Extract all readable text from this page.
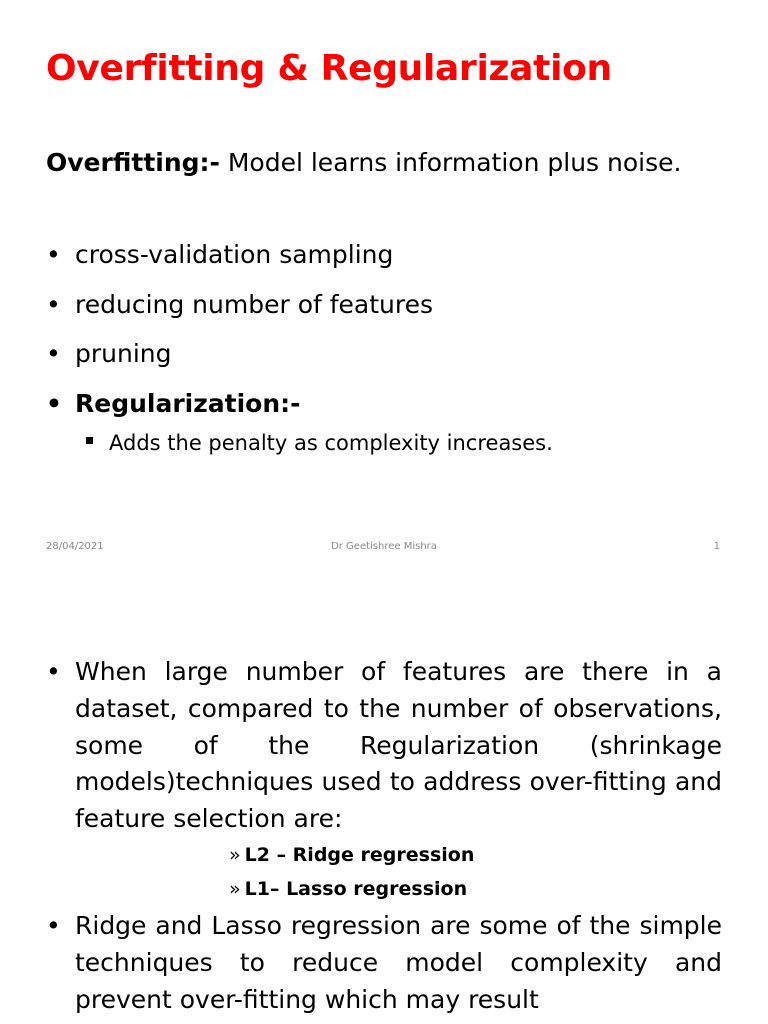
Overfitting & Regularization

Overfitting:- Model learns information plus noise.

• cross-validation sampling
• reducing number of features
• pruning
• Regularization:-
Adds the penalty as complexity increases.
28/04/2021	Dr Geetishree Mishra	1
• When large number of features are there in a dataset, compared to the number of observations, some of the Regularization (shrinkage models)techniques used to address over-fitting and feature selection are:
» L2 – Ridge regression
» L1– Lasso regression
• Ridge and Lasso regression are some of the simple techniques to reduce model complexity and prevent over-fitting which may result
